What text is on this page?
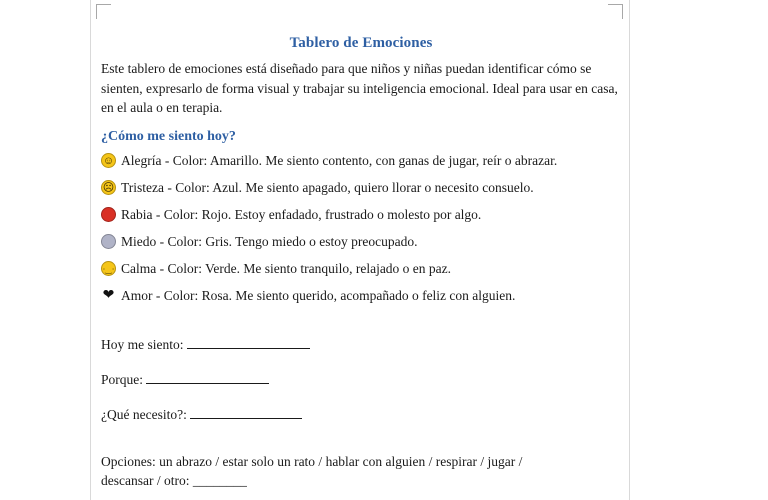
Tablero de Emociones

Este tablero de emociones está diseñado para que niños y niñas puedan identificar cómo se sienten, expresarlo de forma visual y trabajar su inteligencia emocional. Ideal para usar en casa, en el aula o en terapia.

¿Cómo me siento hoy?
☺ Alegría - Color: Amarillo. Me siento contento, con ganas de jugar, reír o abrazar.
☹ Tristeza - Color: Azul. Me siento apagado, quiero llorar o necesito consuelo.
Rabia - Color: Rojo. Estoy enfadado, frustrado o molesto por algo.
Miedo - Color: Gris. Tengo miedo o estoy preocupado.
·‿· Calma - Color: Verde. Me siento tranquilo, relajado o en paz.
❤ Amor - Color: Rosa. Me siento querido, acompañado o feliz con alguien.
Hoy me siento:
Porque:
¿Qué necesito?:
Opciones: un abrazo / estar solo un rato / hablar con alguien / respirar / jugar / descansar / otro: ________
